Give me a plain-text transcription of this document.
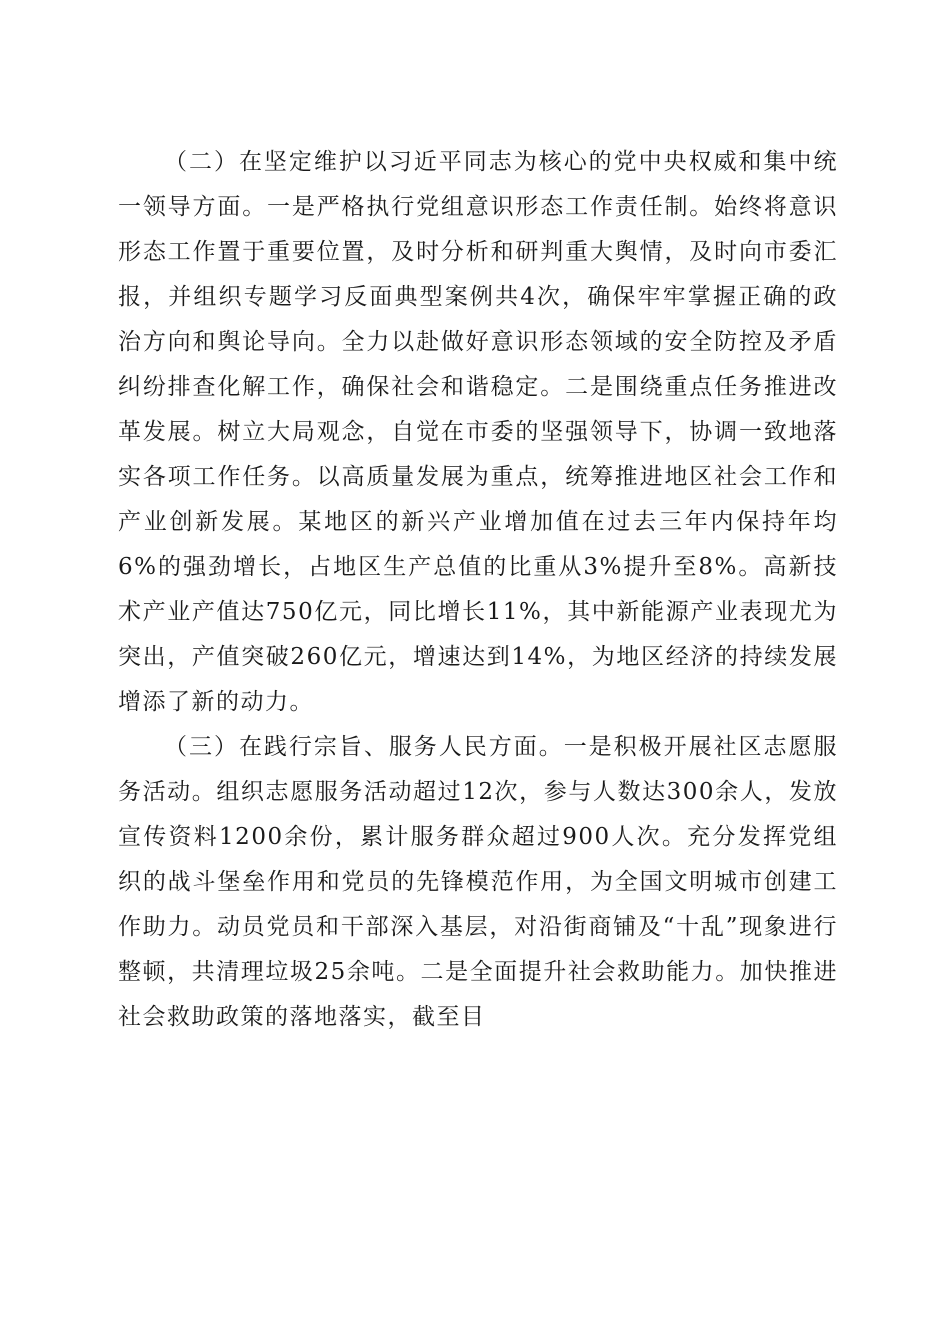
（二）在坚定维护以习近平同志为核心的党中央权威和集中统一领导方面。一是严格执行党组意识形态工作责任制。始终将意识形态工作置于重要位置，及时分析和研判重大舆情，及时向市委汇报，并组织专题学习反面典型案例共4次，确保牢牢掌握正确的政治方向和舆论导向。全力以赴做好意识形态领域的安全防控及矛盾纠纷排查化解工作，确保社会和谐稳定。二是围绕重点任务推进改革发展。树立大局观念，自觉在市委的坚强领导下，协调一致地落实各项工作任务。以高质量发展为重点，统筹推进地区社会工作和产业创新发展。某地区的新兴产业增加值在过去三年内保持年均6%的强劲增长，占地区生产总值的比重从3%提升至8%。高新技术产业产值达750亿元，同比增长11%，其中新能源产业表现尤为突出，产值突破260亿元，增速达到14%，为地区经济的持续发展增添了新的动力。

（三）在践行宗旨、服务人民方面。一是积极开展社区志愿服务活动。组织志愿服务活动超过12次，参与人数达300余人，发放宣传资料1200余份，累计服务群众超过900人次。充分发挥党组织的战斗堡垒作用和党员的先锋模范作用，为全国文明城市创建工作助力。动员党员和干部深入基层，对沿街商铺及“十乱”现象进行整顿，共清理垃圾25余吨。二是全面提升社会救助能力。加快推进社会救助政策的落地落实，截至目
